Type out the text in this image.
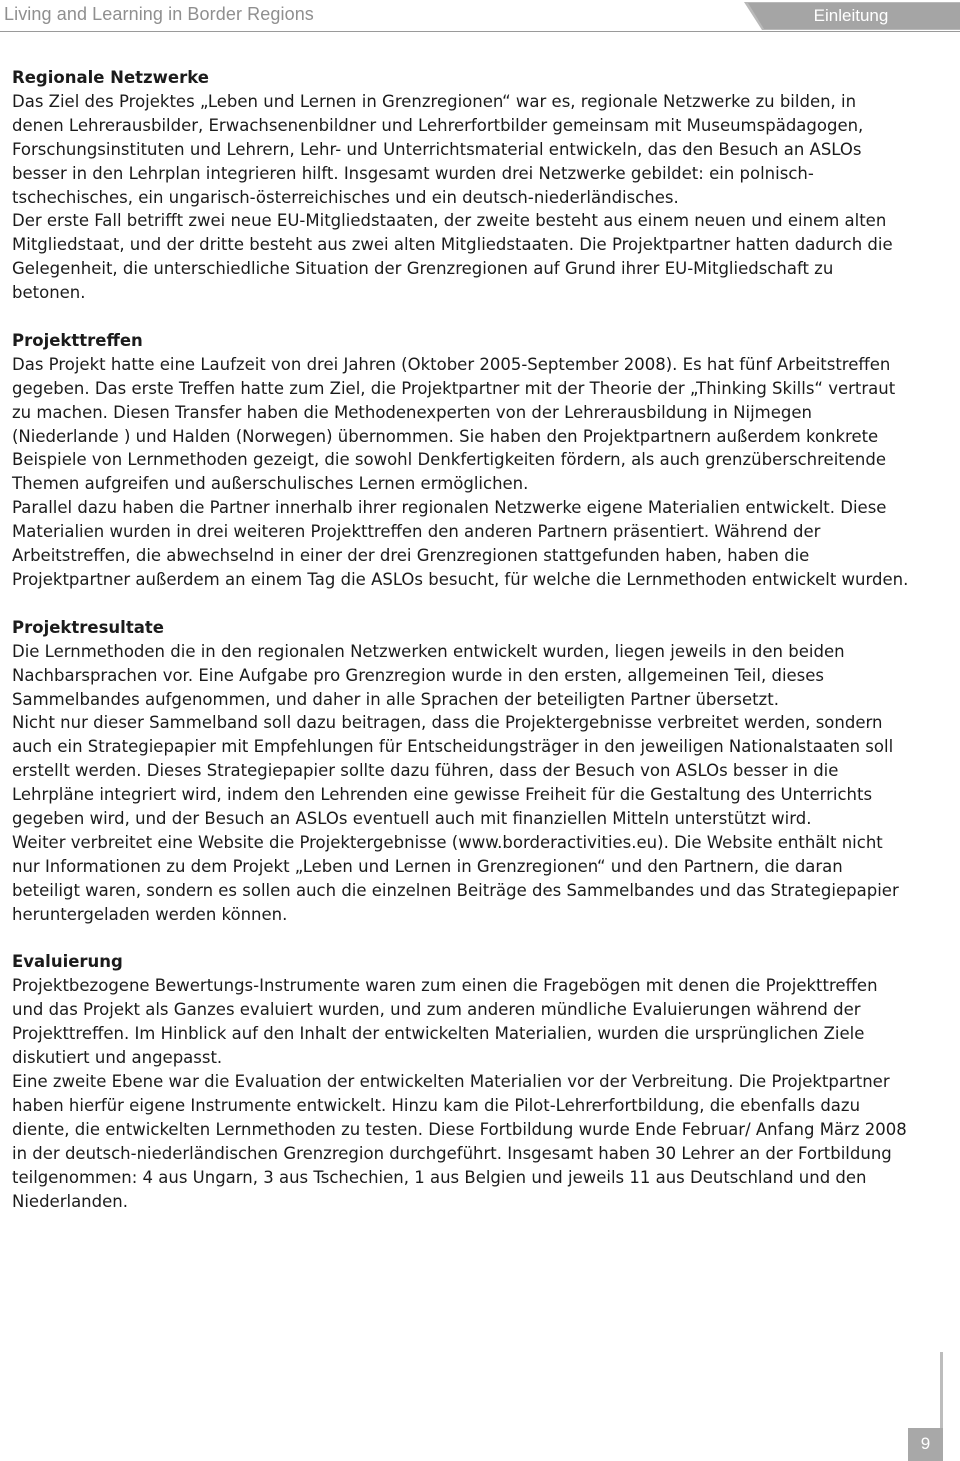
Living and Learning in Border Regions	Einleitung
Regionale Netzwerke

Das Ziel des Projektes „Leben und Lernen in Grenzregionen“ war es, regionale Netzwerke zu bilden, in denen Lehrerausbilder, Erwachsenenbildner und Lehrerfortbilder gemeinsam mit Museumspädagogen, Forschungsinstituten und Lehrern, Lehr- und Unterrichtsmaterial entwickeln, das den Besuch an ASLOs besser in den Lehrplan integrieren hilft. Insgesamt wurden drei Netzwerke gebildet: ein polnisch-tschechisches, ein ungarisch-österreichisches und ein deutsch-niederländisches.

Der erste Fall betrifft zwei neue EU-Mitgliedstaaten, der zweite besteht aus einem neuen und einem alten Mitgliedstaat, und der dritte besteht aus zwei alten Mitgliedstaaten. Die Projektpartner hatten dadurch die Gelegenheit, die unterschiedliche Situation der Grenzregionen auf Grund ihrer EU-Mitgliedschaft zu betonen.

Projekttreffen

Das Projekt hatte eine Laufzeit von drei Jahren (Oktober 2005-September 2008). Es hat fünf Arbeitstreffen gegeben. Das erste Treffen hatte zum Ziel, die Projektpartner mit der Theorie der „Thinking Skills“ vertraut zu machen. Diesen Transfer haben die Methodenexperten von der Lehrerausbildung in Nijmegen (Niederlande ) und Halden (Norwegen) übernommen. Sie haben den Projektpartnern außerdem konkrete Beispiele von Lernmethoden gezeigt, die sowohl Denkfertigkeiten fördern, als auch grenzüberschreitende Themen aufgreifen und außerschulisches Lernen ermöglichen.

Parallel dazu haben die Partner innerhalb ihrer regionalen Netzwerke eigene Materialien entwickelt. Diese Materialien wurden in drei weiteren Projekttreffen den anderen Partnern präsentiert. Während der Arbeitstreffen, die abwechselnd in einer der drei Grenzregionen stattgefunden haben, haben die Projektpartner außerdem an einem Tag die ASLOs besucht, für welche die Lernmethoden entwickelt wurden.

Projektresultate

Die Lernmethoden die in den regionalen Netzwerken entwickelt wurden, liegen jeweils in den beiden Nachbarsprachen vor. Eine Aufgabe pro Grenzregion wurde in den ersten, allgemeinen Teil, dieses Sammelbandes aufgenommen, und daher in alle Sprachen der beteiligten Partner übersetzt.

Nicht nur dieser Sammelband soll dazu beitragen, dass die Projektergebnisse verbreitet werden, sondern auch ein Strategiepapier mit Empfehlungen für Entscheidungsträger in den jeweiligen Nationalstaaten soll erstellt werden. Dieses Strategiepapier sollte dazu führen, dass der Besuch von ASLOs besser in die Lehrpläne integriert wird, indem den Lehrenden eine gewisse Freiheit für die Gestaltung des Unterrichts gegeben wird, und der Besuch an ASLOs eventuell auch mit finanziellen Mitteln unterstützt wird.

Weiter verbreitet eine Website die Projektergebnisse (www.borderactivities.eu). Die Website enthält nicht nur Informationen zu dem Projekt „Leben und Lernen in Grenzregionen“ und den Partnern, die daran beteiligt waren, sondern es sollen auch die einzelnen Beiträge des Sammelbandes und das Strategiepapier heruntergeladen werden können.

Evaluierung

Projektbezogene Bewertungs-Instrumente waren zum einen die Fragebögen mit denen die Projekttreffen und das Projekt als Ganzes evaluiert wurden, und zum anderen mündliche Evaluierungen während der Projekttreffen. Im Hinblick auf den Inhalt der entwickelten Materialien, wurden die ursprünglichen Ziele diskutiert und angepasst.

Eine zweite Ebene war die Evaluation der entwickelten Materialien vor der Verbreitung. Die Projektpartner haben hierfür eigene Instrumente entwickelt. Hinzu kam die Pilot-Lehrerfortbildung, die ebenfalls dazu diente, die entwickelten Lernmethoden zu testen. Diese Fortbildung wurde Ende Februar/ Anfang März 2008 in der deutsch-niederländischen Grenzregion durchgeführt. Insgesamt haben 30 Lehrer an der Fortbildung teilgenommen: 4 aus Ungarn, 3 aus Tschechien, 1 aus Belgien und jeweils 11 aus Deutschland und den Niederlanden.

9
